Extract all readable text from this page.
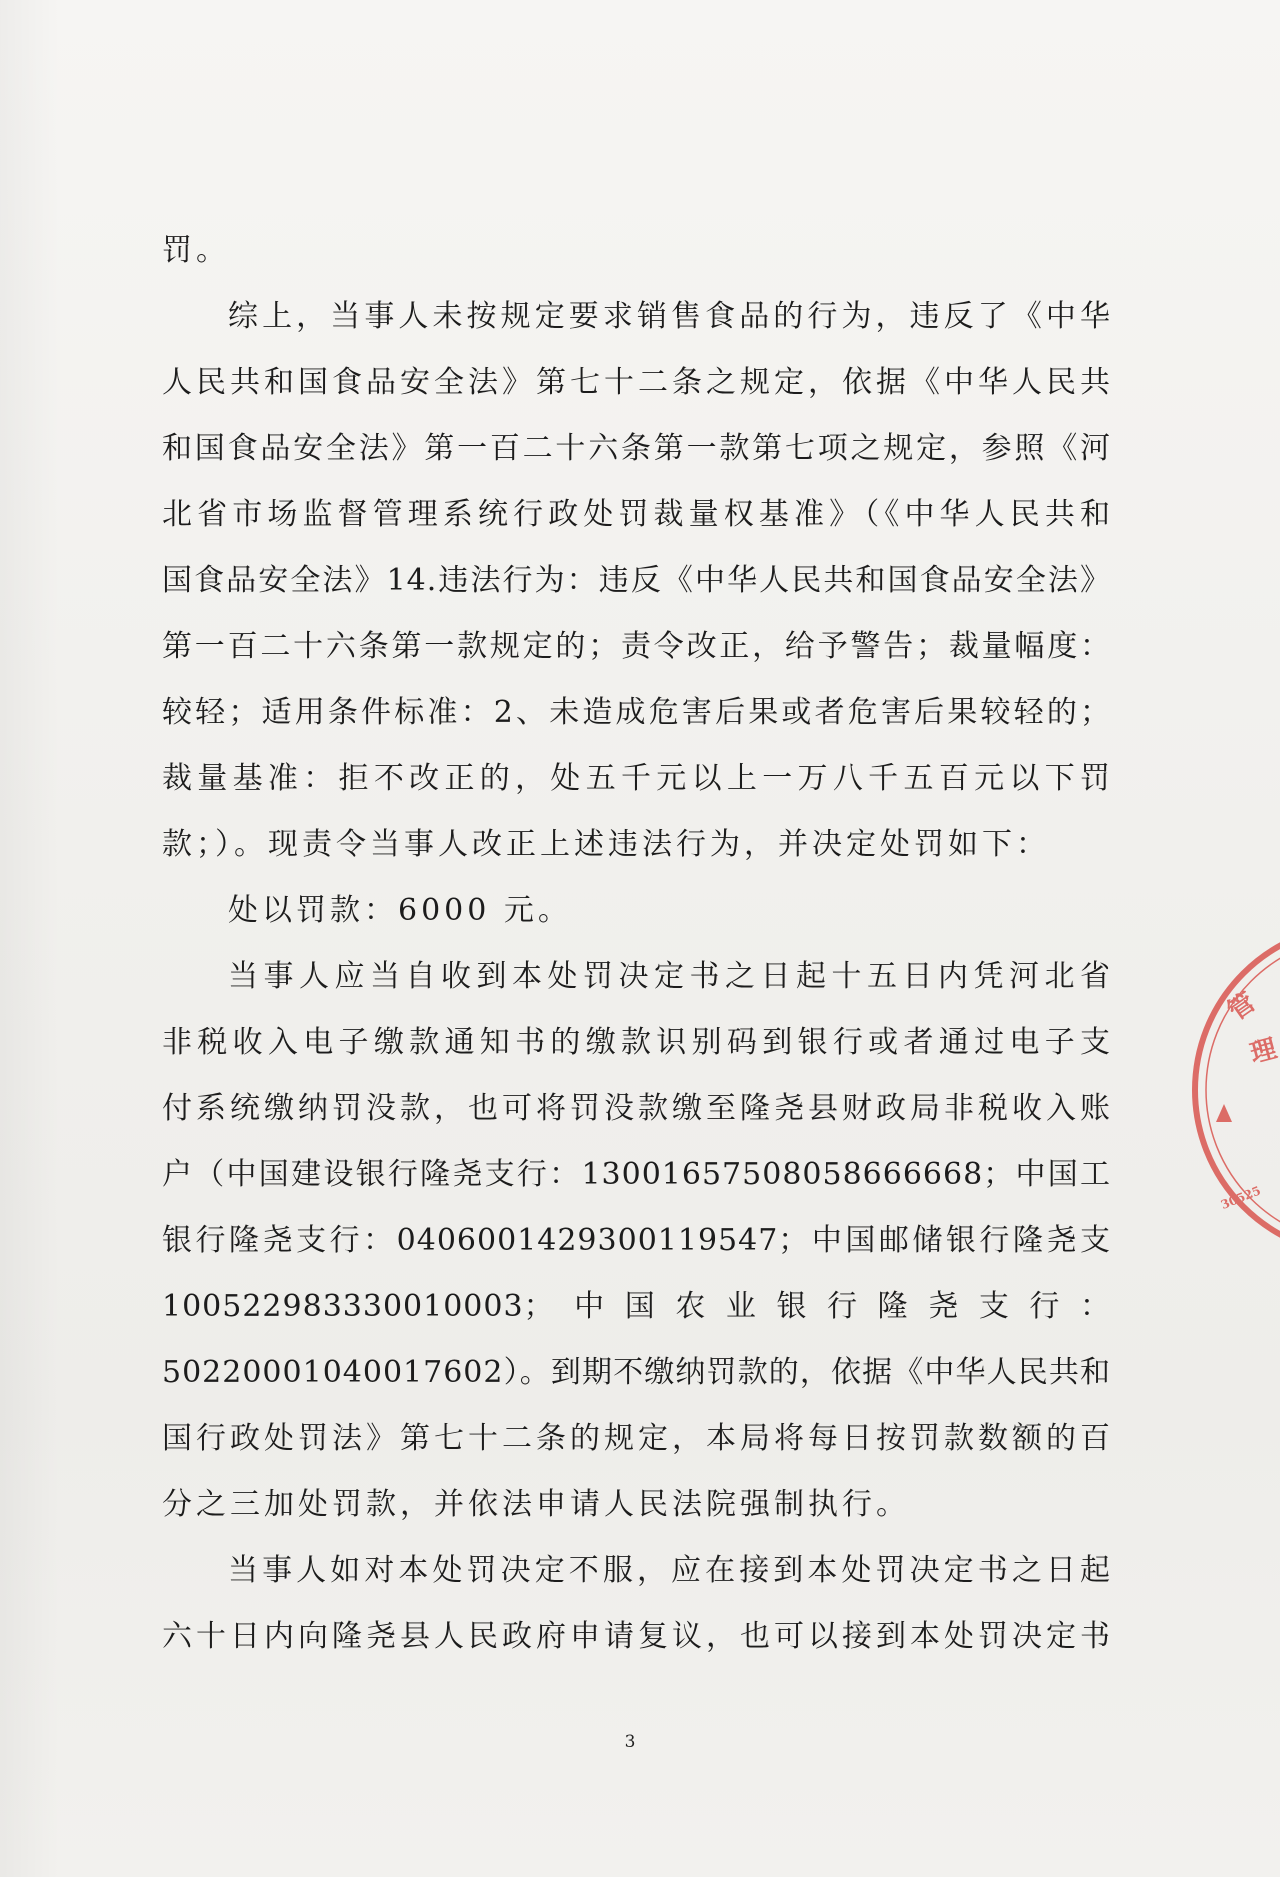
罚。
综上，当事人未按规定要求销售食品的行为，违反了《中华
人民共和国食品安全法》第七十二条之规定，依据《中华人民共
和国食品安全法》第一百二十六条第一款第七项之规定，参照《河
北省市场监督管理系统行政处罚裁量权基准》（《中华人民共和
国食品安全法》14.违法行为：违反《中华人民共和国食品安全法》
第一百二十六条第一款规定的；责令改正，给予警告；裁量幅度：
较轻；适用条件标准：2、未造成危害后果或者危害后果较轻的；
裁量基准：拒不改正的，处五千元以上一万八千五百元以下罚
款；）。现责令当事人改正上述违法行为，并决定处罚如下：
处以罚款：6000 元。
当事人应当自收到本处罚决定书之日起十五日内凭河北省
非税收入电子缴款通知书的缴款识别码到银行或者通过电子支
付系统缴纳罚没款，也可将罚没款缴至隆尧县财政局非税收入账
户（中国建设银行隆尧支行：13001657508058666668；中国工
银行隆尧支行：0406001429300119547；中国邮储银行隆尧支
100522983330010003；中国农业银行隆尧支行：
50220001040017602）。到期不缴纳罚款的，依据《中华人民共和
国行政处罚法》第七十二条的规定，本局将每日按罚款数额的百
分之三加处罚款，并依法申请人民法院强制执行。
当事人如对本处罚决定不服，应在接到本处罚决定书之日起
六十日内向隆尧县人民政府申请复议，也可以接到本处罚决定书
3
管
理
30525
